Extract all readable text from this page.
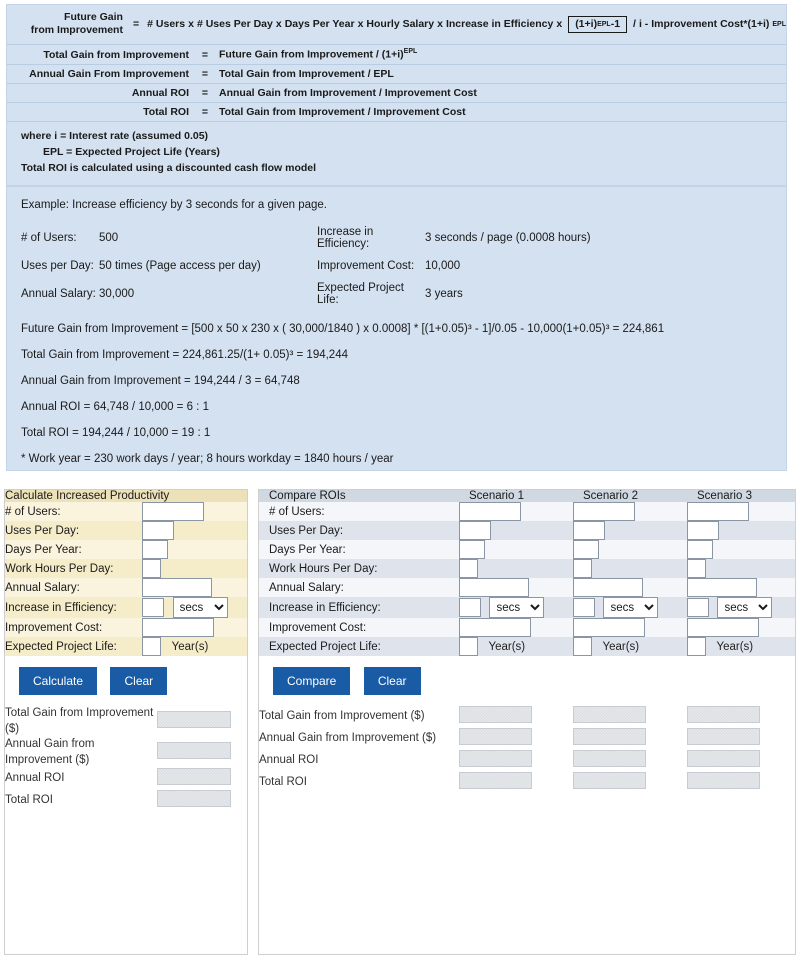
Future Gain
from Improvement = # Users x # Uses Per Day x Days Per Year x Hourly Salary x Increase in Efficiency x (1+i) EPL -1 / i - Improvement Cost*(1+i) EPL
Total Gain from Improvement	=	Future Gain from Improvement / $(1+i)^{EPL}$
Annual Gain From Improvement	=	Total Gain from Improvement / EPL
Annual ROI	=	Annual Gain from Improvement / Improvement Cost
Total ROI	=	Total Gain from Improvement / Improvement Cost
where i = Interest rate (assumed 0.05)
EPL = Expected Project Life (Years)
Total ROI is calculated using a discounted cash flow model
Example: Increase efficiency by 3 seconds for a given page.
# of Users:	500	Increase in Efficiency:	3 seconds / page (0.0008 hours)
Uses per Day: 50 times (Page access per day)	Improvement Cost: 10,000
Annual Salary: 30,000	Expected Project Life:	3 years

Future Gain from Improvement = [500 x 50 x 230 x ( 30,000/1840 ) x 0.0008] * [(1+0.05)³ - 1]/0.05 - 10,000(1+0.05)³ = 224,861

Total Gain from Improvement = 224,861.25/(1+ 0.05)³ = 194,244

Annual Gain from Improvement = 194,244 / 3 = 64,748

Annual ROI = 64,748 / 10,000 = 6 : 1

Total ROI = 194,244 / 10,000 = 19 : 1

* Work year = 230 work days / year; 8 hours workday = 1840 hours / year

Calculate Increased Productivity	
# of Users:	
Uses Per Day:	
Days Per Year:	
Work Hours Per Day:	
Annual Salary:	
Increase in Efficiency:	
secs
Improvement Cost:	
Expected Project Life:	Year(s)
Calculate	Clear
Total Gain from Improvement ($)	
Annual Gain from Improvement ($)	
Annual ROI	
Total ROI	
Compare ROIs	Scenario 1	Scenario 2	Scenario 3
# of Users:			
Uses Per Day:			
Days Per Year:			
Work Hours Per Day:			
Annual Salary:			
Increase in Efficiency:	
secs	
secs	
secs
Improvement Cost:			
Expected Project Life:	Year(s)	Year(s)	Year(s)
Compare	Clear
Total Gain from Improvement ($)			
Annual Gain from Improvement ($)			
Annual ROI			
Total ROI			
